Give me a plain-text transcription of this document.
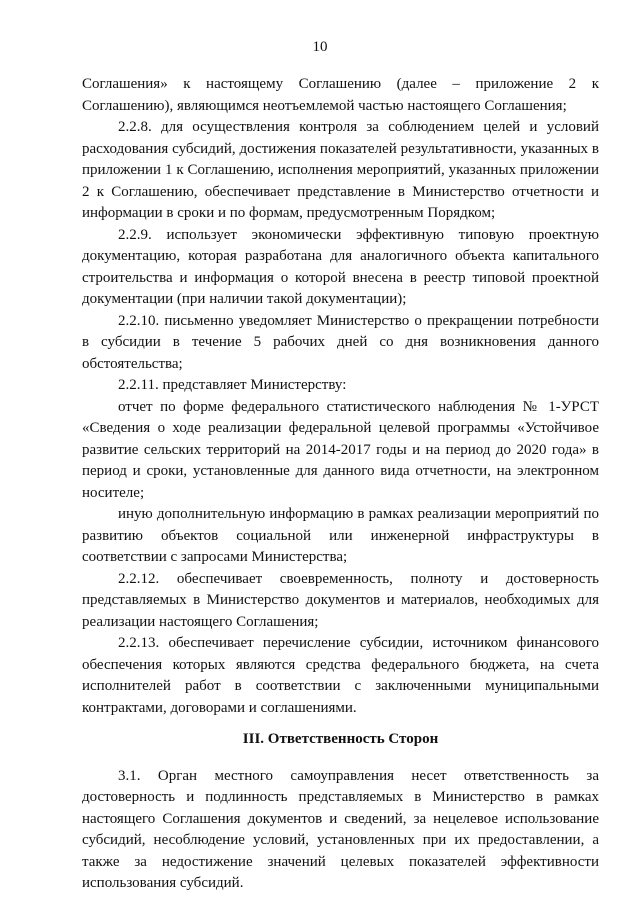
10

Соглашения» к настоящему Соглашению (далее – приложение 2 к Соглашению), являющимся неотъемлемой частью настоящего Соглашения;

2.2.8. для осуществления контроля за соблюдением целей и условий расходования субсидий, достижения показателей результативности, указанных в приложении 1 к Соглашению, исполнения мероприятий, указанных приложении 2 к Соглашению, обеспечивает представление в Министерство отчетности и информации в сроки и по формам, предусмотренным Порядком;

2.2.9. использует экономически эффективную типовую проектную документацию, которая разработана для аналогичного объекта капитального строительства и информация о которой внесена в реестр типовой проектной документации (при наличии такой документации);

2.2.10. письменно уведомляет Министерство о прекращении потребности в субсидии в течение 5 рабочих дней со дня возникновения данного обстоятельства;

2.2.11. представляет Министерству:

отчет по форме федерального статистического наблюдения № 1-УРСТ «Сведения о ходе реализации федеральной целевой программы «Устойчивое развитие сельских территорий на 2014-2017 годы и на период до 2020 года» в период и сроки, установленные для данного вида отчетности, на электронном носителе;

иную дополнительную информацию в рамках реализации мероприятий по развитию объектов социальной или инженерной инфраструктуры в соответствии с запросами Министерства;

2.2.12. обеспечивает своевременность, полноту и достоверность представляемых в Министерство документов и материалов, необходимых для реализации настоящего Соглашения;

2.2.13. обеспечивает перечисление субсидии, источником финансового обеспечения которых являются средства федерального бюджета, на счета исполнителей работ в соответствии с заключенными муниципальными контрактами, договорами и соглашениями.

III. Ответственность Сторон

3.1. Орган местного самоуправления несет ответственность за достоверность и подлинность представляемых в Министерство в рамках настоящего Соглашения документов и сведений, за нецелевое использование субсидий, несоблюдение условий, установленных при их предоставлении, а также за недостижение значений целевых показателей эффективности использования субсидий.
